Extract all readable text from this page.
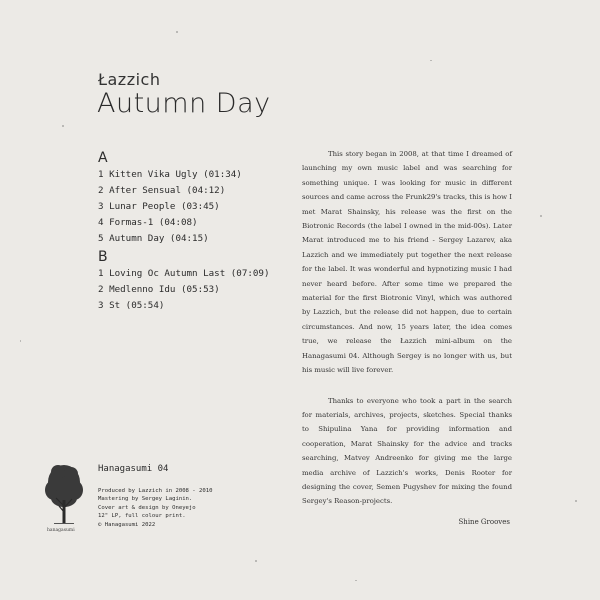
Łazzich
Autumn Day
A
1 Kitten Vika Ugly (01:34)
2 After Sensual (04:12)
3 Lunar People (03:45)
4 Formas-1 (04:08)
5 Autumn Day (04:15)
B
1 Loving Oc Autumn Last (07:09)
2 Medlenno Idu (05:53)
3 St (05:54)

This story began in 2008, at that time I dreamed of launching my own music label and was searching for something unique. I was looking for music in different sources and came across the Frunk29's tracks, this is how I met Marat Shainsky, his release was the first on the Biotronic Records (the label I owned in the mid-00s). Later Marat introduced me to his friend - Sergey Lazarev, aka Lazzich and we immediately put together the next release for the label. It was wonderful and hypnotizing music I had never heard before. After some time we prepared the material for the first Biotronic Vinyl, which was authored by Lazzich, but the release did not happen, due to certain circumstances. And now, 15 years later, the idea comes true, we release the Łazzich mini-album on the Hanagasumi 04. Although Sergey is no longer with us, but his music will live forever.

Thanks to everyone who took a part in the search for materials, archives, projects, sketches. Special thanks to Shipulina Yana for providing information and cooperation, Marat Shainsky for the advice and tracks searching, Matvey Andreenko for giving me the large media archive of Lazzich's works, Denis Rooter for designing the cover, Semen Pugyshev for mixing the found Sergey's Reason-projects.

Shine Grooves
hanagasumi
Hanagasumi 04
Produced by Lazzich in 2008 - 2010
Mastering by Sergey Laginin.
Cover art & design by Oneyejo
12" LP, full colour print.
© Hanagasumi 2022
